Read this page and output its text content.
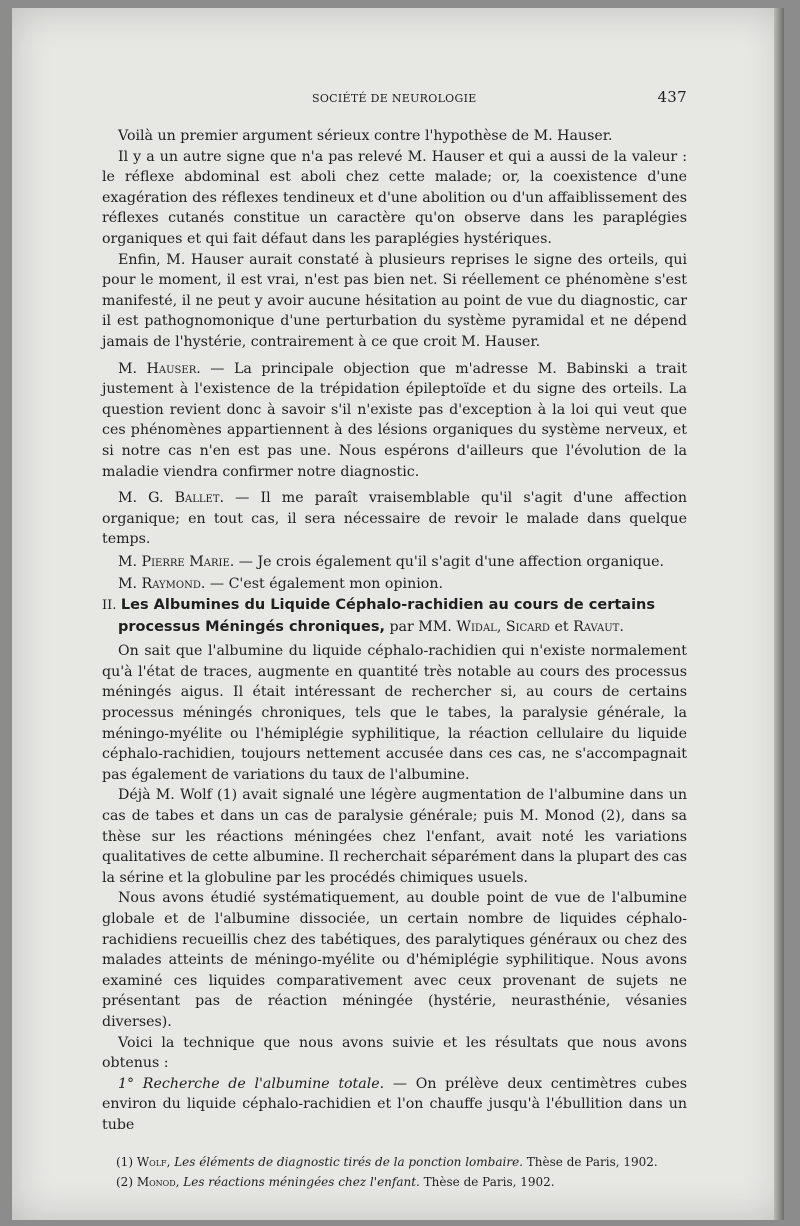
SOCIÉTÉ DE NEUROLOGIE	437

Voilà un premier argument sérieux contre l'hypothèse de M. Hauser.

Il y a un autre signe que n'a pas relevé M. Hauser et qui a aussi de la valeur : le réflexe abdominal est aboli chez cette malade; or, la coexistence d'une exagération des réflexes tendineux et d'une abolition ou d'un affaiblissement des réflexes cutanés constitue un caractère qu'on observe dans les paraplégies organiques et qui fait défaut dans les paraplégies hystériques.

Enfin, M. Hauser aurait constaté à plusieurs reprises le signe des orteils, qui pour le moment, il est vrai, n'est pas bien net. Si réellement ce phénomène s'est manifesté, il ne peut y avoir aucune hésitation au point de vue du diagnostic, car il est pathognomonique d'une perturbation du système pyramidal et ne dépend jamais de l'hystérie, contrairement à ce que croit M. Hauser.

M. Hauser. — La principale objection que m'adresse M. Babinski a trait justement à l'existence de la trépidation épileptoïde et du signe des orteils. La question revient donc à savoir s'il n'existe pas d'exception à la loi qui veut que ces phénomènes appartiennent à des lésions organiques du système nerveux, et si notre cas n'en est pas une. Nous espérons d'ailleurs que l'évolution de la maladie viendra confirmer notre diagnostic.

M. G. Ballet. — Il me paraît vraisemblable qu'il s'agit d'une affection organique; en tout cas, il sera nécessaire de revoir le malade dans quelque temps.

M. Pierre Marie. — Je crois également qu'il s'agit d'une affection organique.

M. Raymond. — C'est également mon opinion.

II. Les Albumines du Liquide Céphalo-rachidien au cours de certains
processus Méningés chroniques, par MM. Widal, Sicard et Ravaut.

On sait que l'albumine du liquide céphalo-rachidien qui n'existe normalement qu'à l'état de traces, augmente en quantité très notable au cours des processus méningés aigus. Il était intéressant de rechercher si, au cours de certains processus méningés chroniques, tels que le tabes, la paralysie générale, la méningo-myélite ou l'hémiplégie syphilitique, la réaction cellulaire du liquide céphalo-rachidien, toujours nettement accusée dans ces cas, ne s'accompagnait pas également de variations du taux de l'albumine.

Déjà M. Wolf (1) avait signalé une légère augmentation de l'albumine dans un cas de tabes et dans un cas de paralysie générale; puis M. Monod (2), dans sa thèse sur les réactions méningées chez l'enfant, avait noté les variations qualitatives de cette albumine. Il recherchait séparément dans la plupart des cas la sérine et la globuline par les procédés chimiques usuels.

Nous avons étudié systématiquement, au double point de vue de l'albumine globale et de l'albumine dissociée, un certain nombre de liquides céphalo-rachidiens recueillis chez des tabétiques, des paralytiques généraux ou chez des malades atteints de méningo-myélite ou d'hémiplégie syphilitique. Nous avons examiné ces liquides comparativement avec ceux provenant de sujets ne présentant pas de réaction méningée (hystérie, neurasthénie, vésanies diverses).

Voici la technique que nous avons suivie et les résultats que nous avons obtenus :

1° Recherche de l'albumine totale. — On prélève deux centimètres cubes environ du liquide céphalo-rachidien et l'on chauffe jusqu'à l'ébullition dans un tube

(1) Wolf, Les éléments de diagnostic tirés de la ponction lombaire. Thèse de Paris, 1902.

(2) Monod, Les réactions méningées chez l'enfant. Thèse de Paris, 1902.
